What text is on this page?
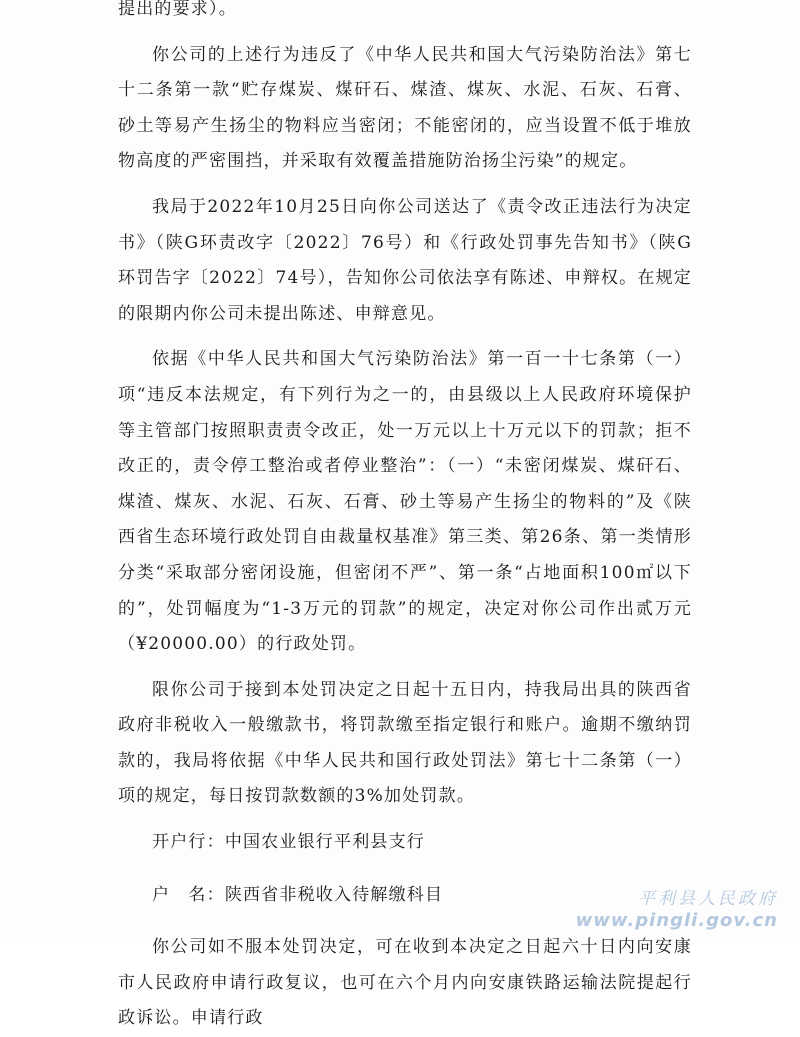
提出的要求）。

你公司的上述行为违反了《中华人民共和国大气污染防治法》第七十二条第一款“贮存煤炭、煤矸石、煤渣、煤灰、水泥、石灰、石膏、砂土等易产生扬尘的物料应当密闭；不能密闭的，应当设置不低于堆放物高度的严密围挡，并采取有效覆盖措施防治扬尘污染”的规定。

我局于2022年10月25日向你公司送达了《责令改正违法行为决定书》（陕G环责改字〔2022〕76号）和《行政处罚事先告知书》（陕G环罚告字〔2022〕74号），告知你公司依法享有陈述、申辩权。在规定的限期内你公司未提出陈述、申辩意见。

依据《中华人民共和国大气污染防治法》第一百一十七条第（一）项“违反本法规定，有下列行为之一的，由县级以上人民政府环境保护等主管部门按照职责责令改正，处一万元以上十万元以下的罚款；拒不改正的，责令停工整治或者停业整治”：（一）“未密闭煤炭、煤矸石、煤渣、煤灰、水泥、石灰、石膏、砂土等易产生扬尘的物料的”及《陕西省生态环境行政处罚自由裁量权基准》第三类、第26条、第一类情形分类“采取部分密闭设施，但密闭不严”、第一条“占地面积100㎡以下的”，处罚幅度为“1-3万元的罚款”的规定，决定对你公司作出贰万元（¥20000.00）的行政处罚。

限你公司于接到本处罚决定之日起十五日内，持我局出具的陕西省政府非税收入一般缴款书，将罚款缴至指定银行和账户。逾期不缴纳罚款的，我局将依据《中华人民共和国行政处罚法》第七十二条第（一）项的规定，每日按罚款数额的3%加处罚款。

开户行：中国农业银行平利县支行

户　名：陕西省非税收入待解缴科目

你公司如不服本处罚决定，可在收到本决定之日起六十日内向安康市人民政府申请行政复议，也可在六个月内向安康铁路运输法院提起行政诉讼。申请行政

平利县人民政府
www.pingli.gov.cn
